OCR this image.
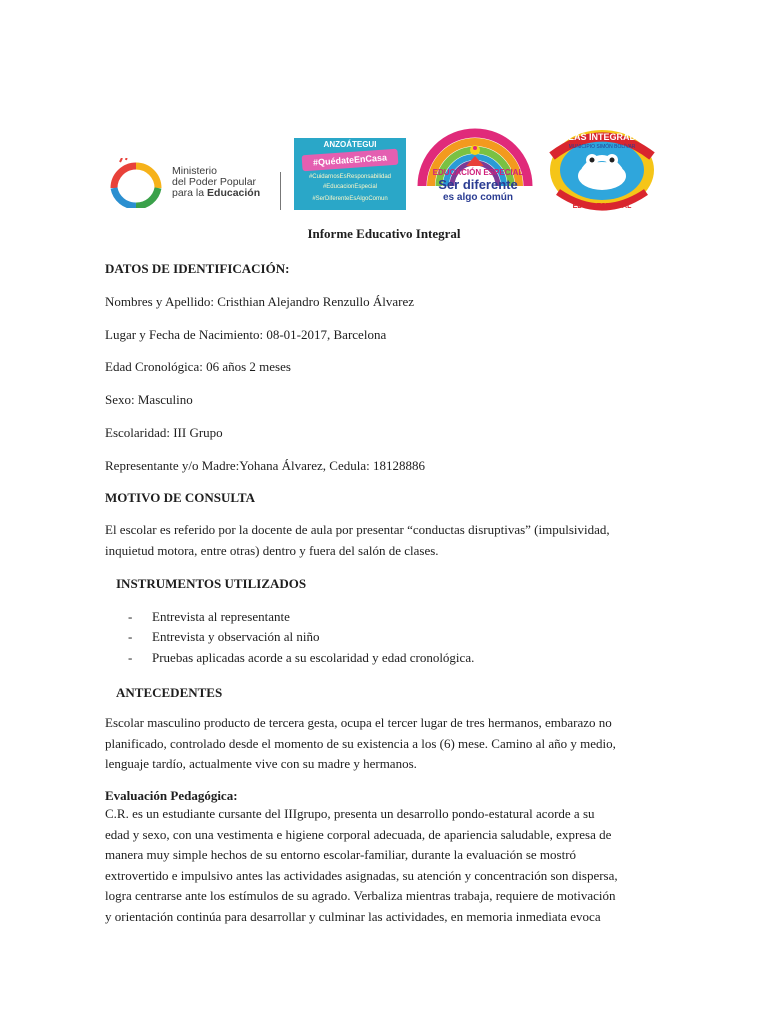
Ministerio
del Poder Popular
para la Educación
ANZOÁTEGUI
#QuédateEnCasa
#CuidarnosEsResponsabilidad
#EducacionEspecial
#SerDiferenteEsAlgoComun
EDUCACIÓN ESPECIAL
Ser diferente
es algo común
AULAS INTEGRADAS
MUNICIPIO SIMÓN BOLÍVAR
EDUC. ESPECIAL
Informe Educativo Integral
DATOS DE IDENTIFICACIÓN:
Nombres y Apellido: Cristhian Alejandro Renzullo Álvarez
Lugar y Fecha de Nacimiento: 08-01-2017, Barcelona
Edad Cronológica: 06 años 2 meses
Sexo: Masculino
Escolaridad: III Grupo
Representante y/o Madre:Yohana Álvarez, Cedula: 18128886
MOTIVO DE CONSULTA
El escolar es referido por la docente de aula por presentar “conductas disruptivas” (impulsividad,
inquietud motora, entre otras) dentro y fuera del salón de clases.
INSTRUMENTOS UTILIZADOS
- Entrevista al representante
- Entrevista y observación al niño
- Pruebas aplicadas acorde a su escolaridad y edad cronológica.
ANTECEDENTES
Escolar masculino producto de tercera gesta, ocupa el tercer lugar de tres hermanos, embarazo no
planificado, controlado desde el momento de su existencia a los (6) mese. Camino al año y medio,
lenguaje tardío, actualmente vive con su madre y hermanos.
Evaluación Pedagógica:
C.R. es un estudiante cursante del IIIgrupo, presenta un desarrollo pondo-estatural acorde a su
edad y sexo, con una vestimenta e higiene corporal adecuada, de apariencia saludable, expresa de
manera muy simple hechos de su entorno escolar-familiar, durante la evaluación se mostró
extrovertido e impulsivo antes las actividades asignadas, su atención y concentración son dispersa,
logra centrarse ante los estímulos de su agrado. Verbaliza mientras trabaja, requiere de motivación
y orientación continúa para desarrollar y culminar las actividades, en memoria inmediata evoca
